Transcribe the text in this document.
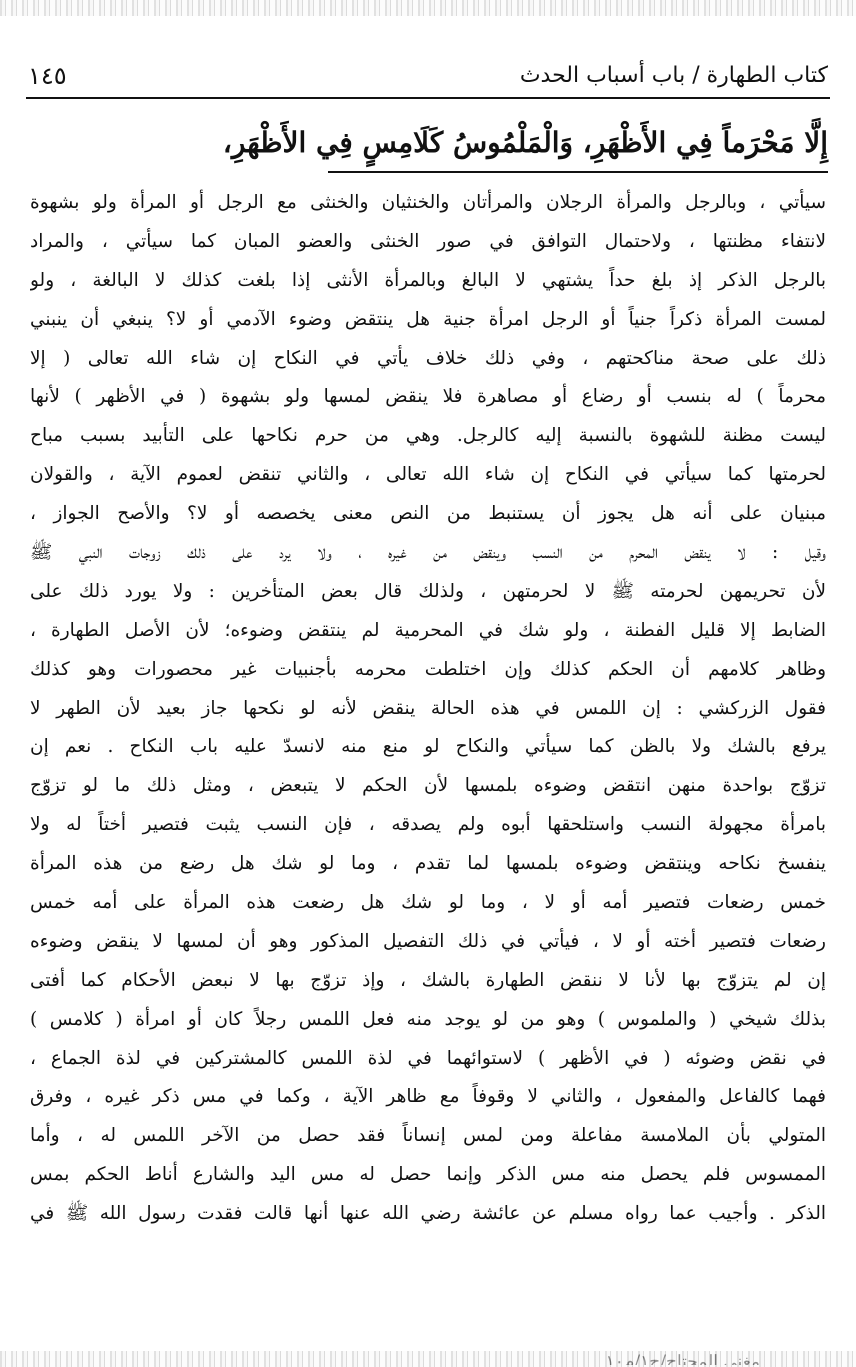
كتاب الطهارة / باب أسباب الحدث
١٤٥
إِلَّا مَحْرَماً فِي الأَظْهَرِ، وَالْمَلْمُوسُ كَلَامِسٍ فِي الأَظْهَرِ،
سيأتي ، وبالرجل والمرأة الرجلان والمرأتان والخنثيان والخنثى مع الرجل أو المرأة ولو بشهوة
لانتفاء مظنتها ، ولاحتمال التوافق في صور الخنثى والعضو المبان كما سيأتي ، والمراد
بالرجل الذكر إذ بلغ حداً يشتهي لا البالغ وبالمرأة الأنثى إذا بلغت كذلك لا البالغة ، ولو
لمست المرأة ذكراً جنياً أو الرجل امرأة جنية هل ينتقض وضوء الآدمي أو لا؟ ينبغي أن ينبني
ذلك على صحة مناكحتهم ، وفي ذلك خلاف يأتي في النكاح إن شاء الله تعالى ( إلا
محرماً ) له بنسب أو رضاع أو مصاهرة فلا ينقض لمسها ولو بشهوة ( في الأظهر ) لأنها
ليست مظنة للشهوة بالنسبة إليه كالرجل. وهي من حرم نكاحها على التأبيد بسبب مباح
لحرمتها كما سيأتي في النكاح إن شاء الله تعالى ، والثاني تنقض لعموم الآية ، والقولان
مبنيان على أنه هل يجوز أن يستنبط من النص معنى يخصصه أو لا؟ والأصح الجواز ،
وقيل : لا ينقض المحرم من النسب وينقض من غيره ، ولا يرد على ذلك زوجات النبي ﷺ
لأن تحريمهن لحرمته ﷺ لا لحرمتهن ، ولذلك قال بعض المتأخرين : ولا يورد ذلك على
الضابط إلا قليل الفطنة ، ولو شك في المحرمية لم ينتقض وضوءه؛ لأن الأصل الطهارة ،
وظاهر كلامهم أن الحكم كذلك وإن اختلطت محرمه بأجنبيات غير محصورات وهو كذلك
فقول الزركشي : إن اللمس في هذه الحالة ينقض لأنه لو نكحها جاز بعيد لأن الطهر لا
يرفع بالشك ولا بالظن كما سيأتي والنكاح لو منع منه لانسدّ عليه باب النكاح . نعم إن
تزوّج بواحدة منهن انتقض وضوءه بلمسها لأن الحكم لا يتبعض ، ومثل ذلك ما لو تزوّج
بامرأة مجهولة النسب واستلحقها أبوه ولم يصدقه ، فإن النسب يثبت فتصير أختاً له ولا
ينفسخ نكاحه وينتقض وضوءه بلمسها لما تقدم ، وما لو شك هل رضع من هذه المرأة
خمس رضعات فتصير أمه أو لا ، وما لو شك هل رضعت هذه المرأة على أمه خمس
رضعات فتصير أخته أو لا ، فيأتي في ذلك التفصيل المذكور وهو أن لمسها لا ينقض وضوءه
إن لم يتزوّج بها لأنا لا ننقض الطهارة بالشك ، وإذ تزوّج بها لا نبعض الأحكام كما أفتى
بذلك شيخي ( والملموس ) وهو من لو يوجد منه فعل اللمس رجلاً كان أو امرأة ( كلامس )
في نقض وضوئه ( في الأظهر ) لاستوائهما في لذة اللمس كالمشتركين في لذة الجماع ،
فهما كالفاعل والمفعول ، والثاني لا وقوفاً مع ظاهر الآية ، وكما في مس ذكر غيره ، وفرق
المتولي بأن الملامسة مفاعلة ومن لمس إنساناً فقد حصل من الآخر اللمس له ، وأما
الممسوس فلم يحصل منه مس الذكر وإنما حصل له مس اليد والشارع أناط الحكم بمس
الذكر . وأجيب عما رواه مسلم عن عائشة رضي الله عنها أنها قالت فقدت رسول الله ﷺ في
